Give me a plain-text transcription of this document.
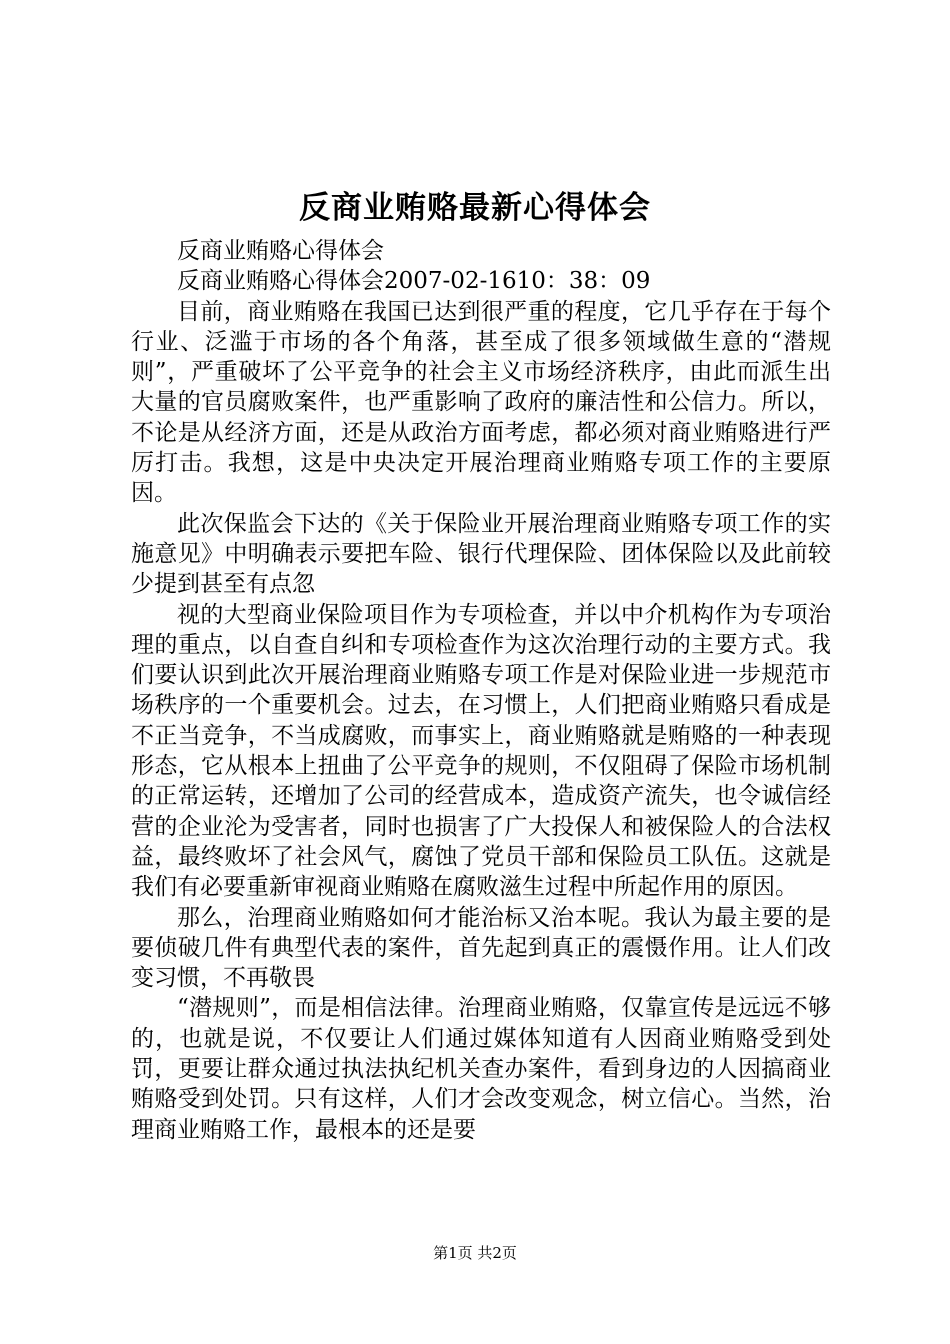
反商业贿赂最新心得体会

反商业贿赂心得体会

反商业贿赂心得体会2007-02-1610：38：09

目前，商业贿赂在我国已达到很严重的程度，它几乎存在于每个行业、泛滥于市场的各个角落，甚至成了很多领域做生意的“潜规则”，严重破坏了公平竞争的社会主义市场经济秩序，由此而派生出大量的官员腐败案件，也严重影响了政府的廉洁性和公信力。所以，不论是从经济方面，还是从政治方面考虑，都必须对商业贿赂进行严厉打击。我想，这是中央决定开展治理商业贿赂专项工作的主要原因。

此次保监会下达的《关于保险业开展治理商业贿赂专项工作的实施意见》中明确表示要把车险、银行代理保险、团体保险以及此前较少提到甚至有点忽

视的大型商业保险项目作为专项检查，并以中介机构作为专项治理的重点，以自查自纠和专项检查作为这次治理行动的主要方式。我们要认识到此次开展治理商业贿赂专项工作是对保险业进一步规范市场秩序的一个重要机会。过去，在习惯上，人们把商业贿赂只看成是不正当竞争，不当成腐败，而事实上，商业贿赂就是贿赂的一种表现形态，它从根本上扭曲了公平竞争的规则，不仅阻碍了保险市场机制的正常运转，还增加了公司的经营成本，造成资产流失，也令诚信经营的企业沦为受害者，同时也损害了广大投保人和被保险人的合法权益，最终败坏了社会风气，腐蚀了党员干部和保险员工队伍。这就是我们有必要重新审视商业贿赂在腐败滋生过程中所起作用的原因。

那么，治理商业贿赂如何才能治标又治本呢。我认为最主要的是要侦破几件有典型代表的案件，首先起到真正的震慑作用。让人们改变习惯，不再敬畏

“潜规则”，而是相信法律。治理商业贿赂，仅靠宣传是远远不够的，也就是说，不仅要让人们通过媒体知道有人因商业贿赂受到处罚，更要让群众通过执法执纪机关查办案件，看到身边的人因搞商业贿赂受到处罚。只有这样，人们才会改变观念，树立信心。当然，治理商业贿赂工作，最根本的还是要

第1页 共2页
